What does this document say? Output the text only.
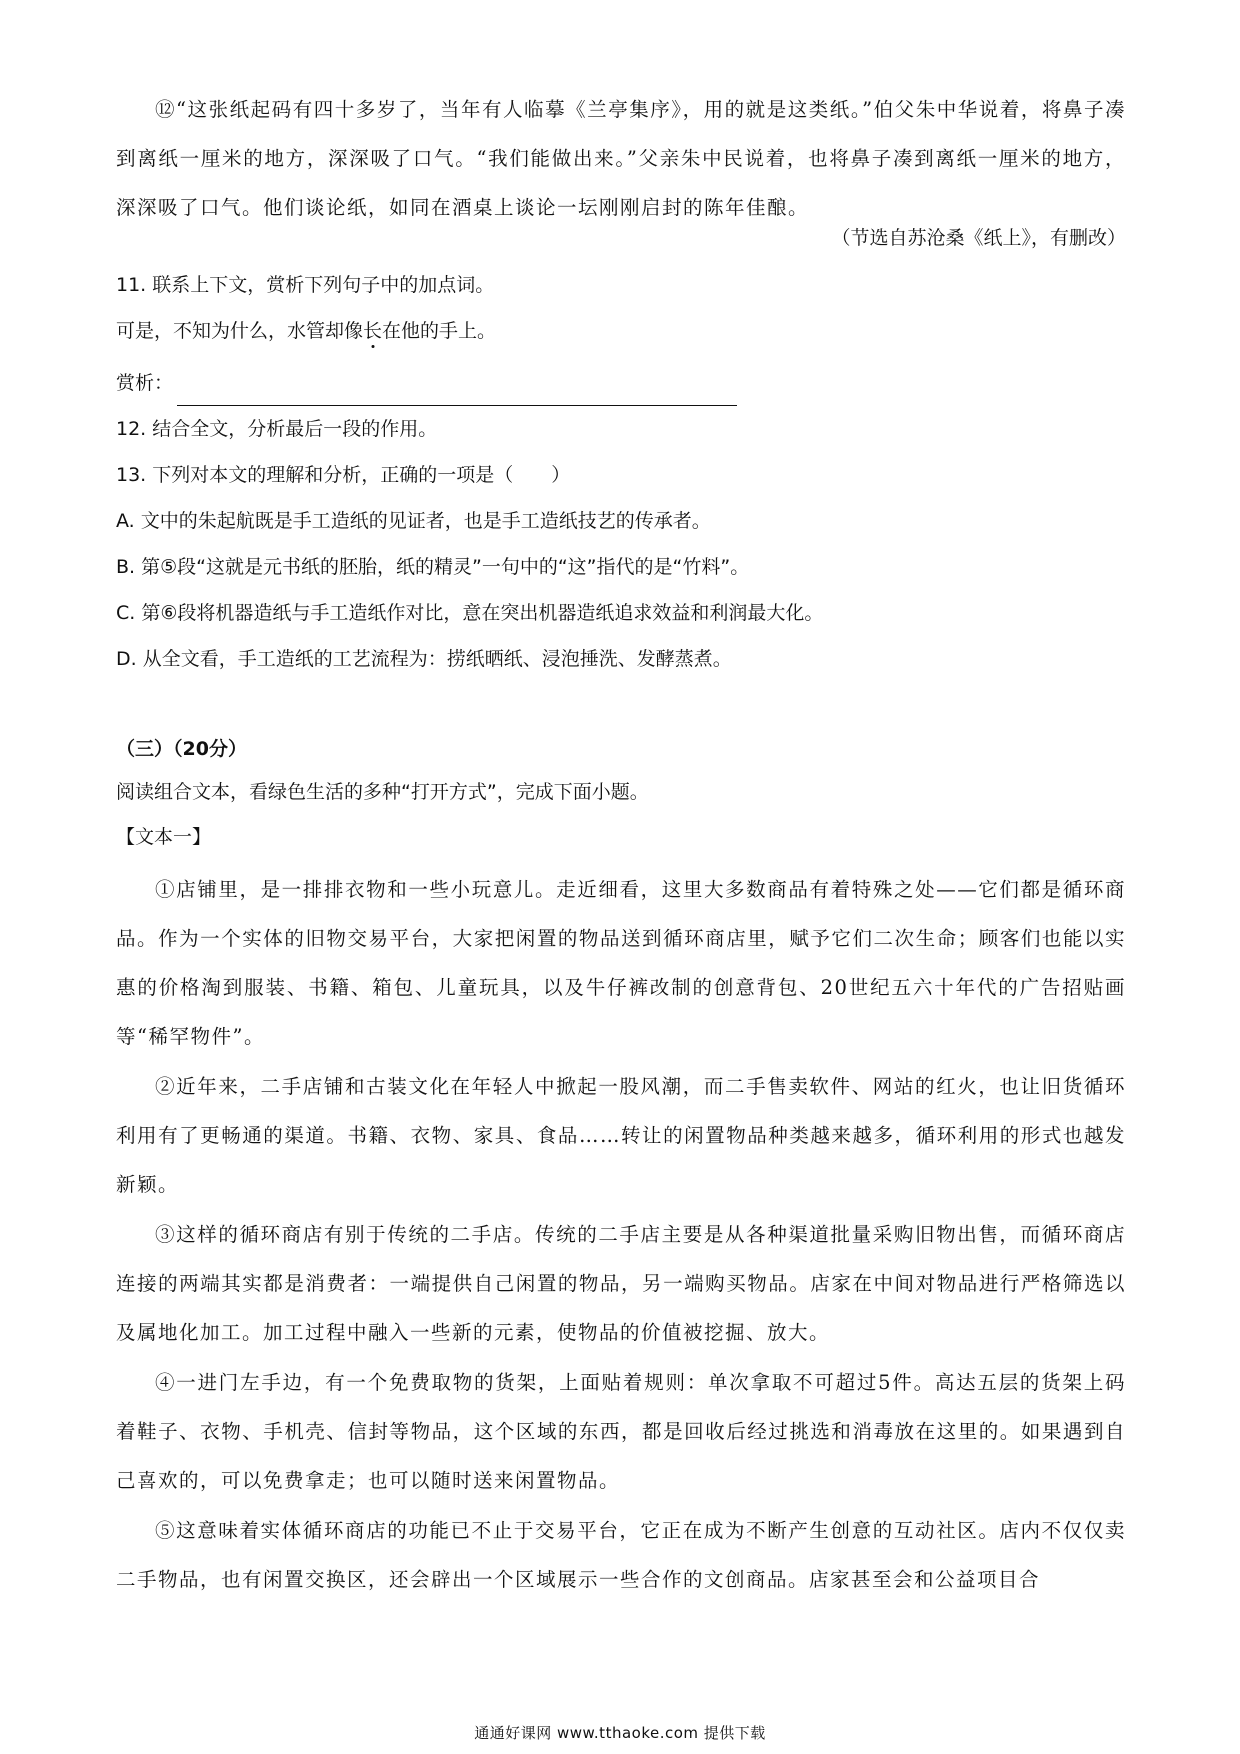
⑫“这张纸起码有四十多岁了，当年有人临摹《兰亭集序》，用的就是这类纸。”伯父朱中华说着，将鼻子凑到离纸一厘米的地方，深深吸了口气。“我们能做出来。”父亲朱中民说着，也将鼻子凑到离纸一厘米的地方，深深吸了口气。他们谈论纸，如同在酒桌上谈论一坛刚刚启封的陈年佳酿。

（节选自苏沧桑《纸上》，有删改）

11. 联系上下文，赏析下列句子中的加点词。

可是，不知为什么，水管却像长在他的手上。

赏析：

12. 结合全文，分析最后一段的作用。

13. 下列对本文的理解和分析，正确的一项是（　　）

A. 文中的朱起航既是手工造纸的见证者，也是手工造纸技艺的传承者。

B. 第⑤段“这就是元书纸的胚胎，纸的精灵”一句中的“这”指代的是“竹料”。

C. 第⑥段将机器造纸与手工造纸作对比，意在突出机器造纸追求效益和利润最大化。

D. 从全文看，手工造纸的工艺流程为：捞纸晒纸、浸泡捶洗、发酵蒸煮。

（三）（20分）

阅读组合文本，看绿色生活的多种“打开方式”，完成下面小题。

【文本一】

①店铺里，是一排排衣物和一些小玩意儿。走近细看，这里大多数商品有着特殊之处——它们都是循环商品。作为一个实体的旧物交易平台，大家把闲置的物品送到循环商店里，赋予它们二次生命；顾客们也能以实惠的价格淘到服装、书籍、箱包、儿童玩具，以及牛仔裤改制的创意背包、20世纪五六十年代的广告招贴画等“稀罕物件”。

②近年来，二手店铺和古装文化在年轻人中掀起一股风潮，而二手售卖软件、网站的红火，也让旧货循环利用有了更畅通的渠道。书籍、衣物、家具、食品……转让的闲置物品种类越来越多，循环利用的形式也越发新颖。

③这样的循环商店有别于传统的二手店。传统的二手店主要是从各种渠道批量采购旧物出售，而循环商店连接的两端其实都是消费者：一端提供自己闲置的物品，另一端购买物品。店家在中间对物品进行严格筛选以及属地化加工。加工过程中融入一些新的元素，使物品的价值被挖掘、放大。

④一进门左手边，有一个免费取物的货架，上面贴着规则：单次拿取不可超过5件。高达五层的货架上码着鞋子、衣物、手机壳、信封等物品，这个区域的东西，都是回收后经过挑选和消毒放在这里的。如果遇到自己喜欢的，可以免费拿走；也可以随时送来闲置物品。

⑤这意味着实体循环商店的功能已不止于交易平台，它正在成为不断产生创意的互动社区。店内不仅仅卖二手物品，也有闲置交换区，还会辟出一个区域展示一些合作的文创商品。店家甚至会和公益项目合

通通好课网 www.tthaoke.com 提供下载
